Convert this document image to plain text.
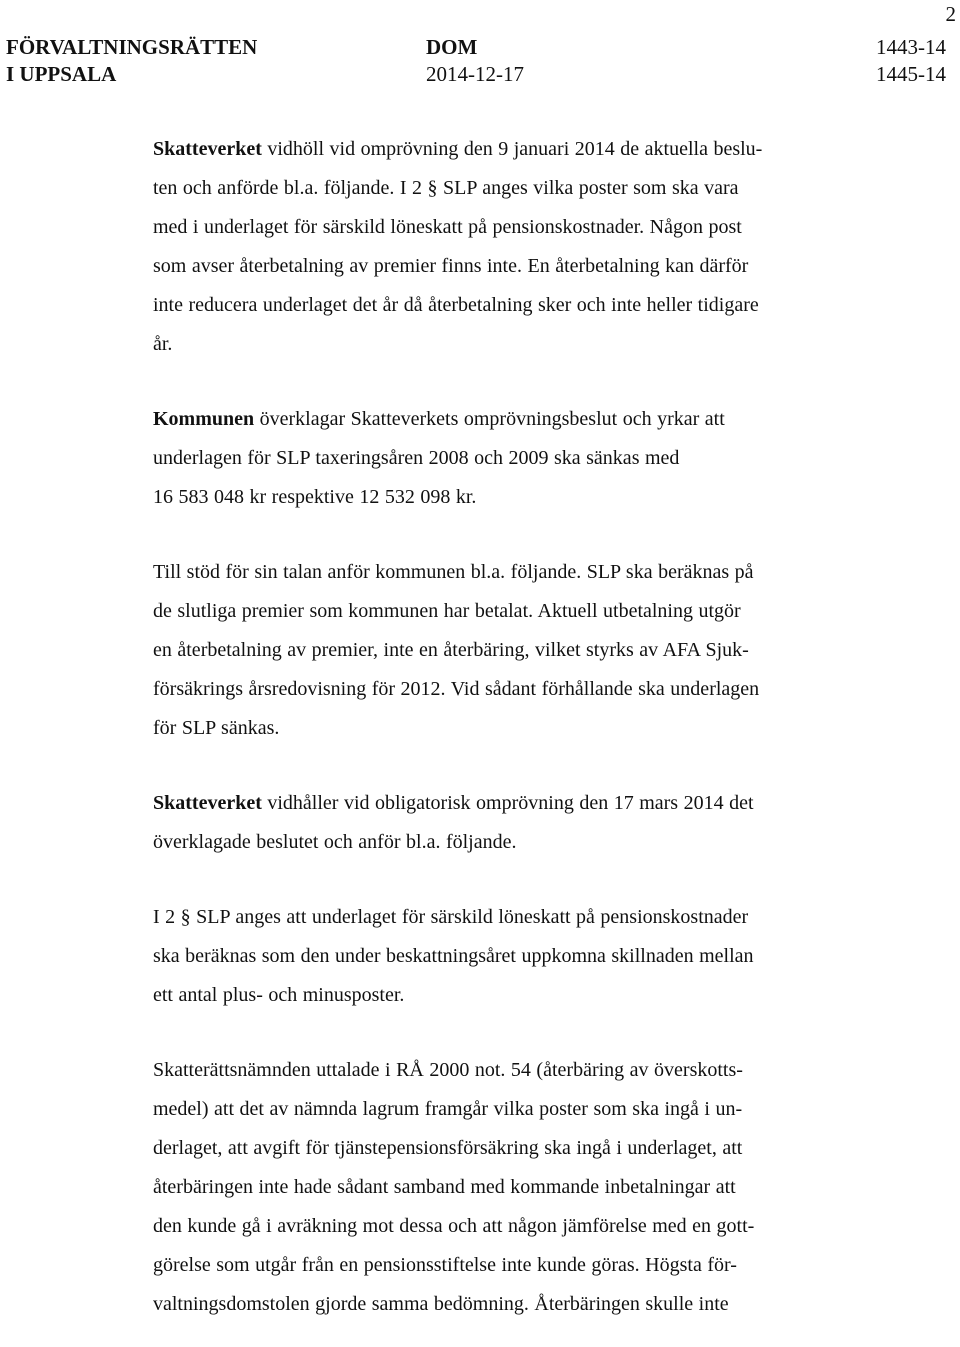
2
FÖRVALTNINGSRÄTTEN
I UPPSALA
DOM
2014-12-17
1443-14
1445-14

Skatteverket vidhöll vid omprövning den 9 januari 2014 de aktuella beslu-
ten och anförde bl.a. följande. I 2 § SLP anges vilka poster som ska vara
med i underlaget för särskild löneskatt på pensionskostnader. Någon post
som avser återbetalning av premier finns inte. En återbetalning kan därför
inte reducera underlaget det år då återbetalning sker och inte heller tidigare
år.

Kommunen överklagar Skatteverkets omprövningsbeslut och yrkar att
underlagen för SLP taxeringsåren 2008 och 2009 ska sänkas med
16 583 048 kr respektive 12 532 098 kr.

Till stöd för sin talan anför kommunen bl.a. följande. SLP ska beräknas på
de slutliga premier som kommunen har betalat. Aktuell utbetalning utgör
en återbetalning av premier, inte en återbäring, vilket styrks av AFA Sjuk-
försäkrings årsredovisning för 2012. Vid sådant förhållande ska underlagen
för SLP sänkas.

Skatteverket vidhåller vid obligatorisk omprövning den 17 mars 2014 det
överklagade beslutet och anför bl.a. följande.

I 2 § SLP anges att underlaget för särskild löneskatt på pensionskostnader
ska beräknas som den under beskattningsåret uppkomna skillnaden mellan
ett antal plus- och minusposter.

Skatterättsnämnden uttalade i RÅ 2000 not. 54 (återbäring av överskotts-
medel) att det av nämnda lagrum framgår vilka poster som ska ingå i un-
derlaget, att avgift för tjänstepensionsförsäkring ska ingå i underlaget, att
återbäringen inte hade sådant samband med kommande inbetalningar att
den kunde gå i avräkning mot dessa och att någon jämförelse med en gott-
görelse som utgår från en pensionsstiftelse inte kunde göras. Högsta för-
valtningsdomstolen gjorde samma bedömning. Återbäringen skulle inte
